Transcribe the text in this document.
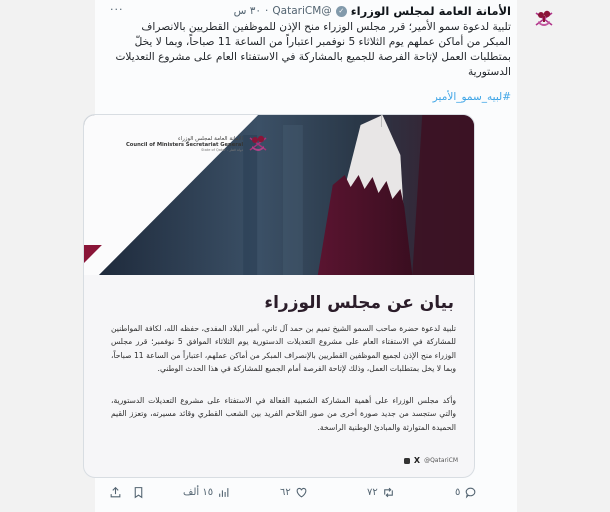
···	الأمانة العامة لمجلس الوزراء
✓
@QatariCM
·
٣٠ س
تلبية لدعوة سمو الأمير؛ قرر مجلس الوزراء منح الإذن للموظفين القطريين بالانصراف المبكر من أماكن عملهم يوم الثلاثاء 5 نوفمبر اعتباراً من الساعة 11 صباحاً، وبما لا يخلّ بمتطلبات العمل لإتاحة الفرصة للجميع بالمشاركة في الاستفتاء العام على مشروع التعديلات الدستورية
#لبيه_سمو_الأمير
الأمانة العامة لمجلس الوزراء
Council of Ministers Secretariat General
State of Qatar - دولة قطر
بيان عن مجلس الوزراء
تلبية لدعوة حضرة صاحب السمو الشيخ تميم بن حمد آل ثاني، أمير البلاد المفدى، حفظه الله، لكافة المواطنين للمشاركة في الاستفتاء العام على مشروع التعديلات الدستورية يوم الثلاثاء الموافق 5 نوفمبر؛ قرر مجلس الوزراء منح الإذن لجميع الموظفين القطريين بالإنصراف المبكر من أماكن عملهم، اعتباراً من الساعة 11 صباحاً، وبما لا يخل بمتطلبات العمل، وذلك لإتاحة الفرصة أمام الجميع للمشاركة في هذا الحدث الوطني.
وأكد مجلس الوزراء على أهمية المشاركة الشعبية الفعالة في الاستفتاء على مشروع التعديلات الدستورية، والتي ستجسد من جديد صورة أخرى من صور التلاحم الفريد بين الشعب القطري وقائد مسيرته، وتعزز القيم الحميدة المتوارثة والمبادئ الوطنية الراسخة.
X @QatariCM
١٥ ألف	٦٢	٧٢	٥
